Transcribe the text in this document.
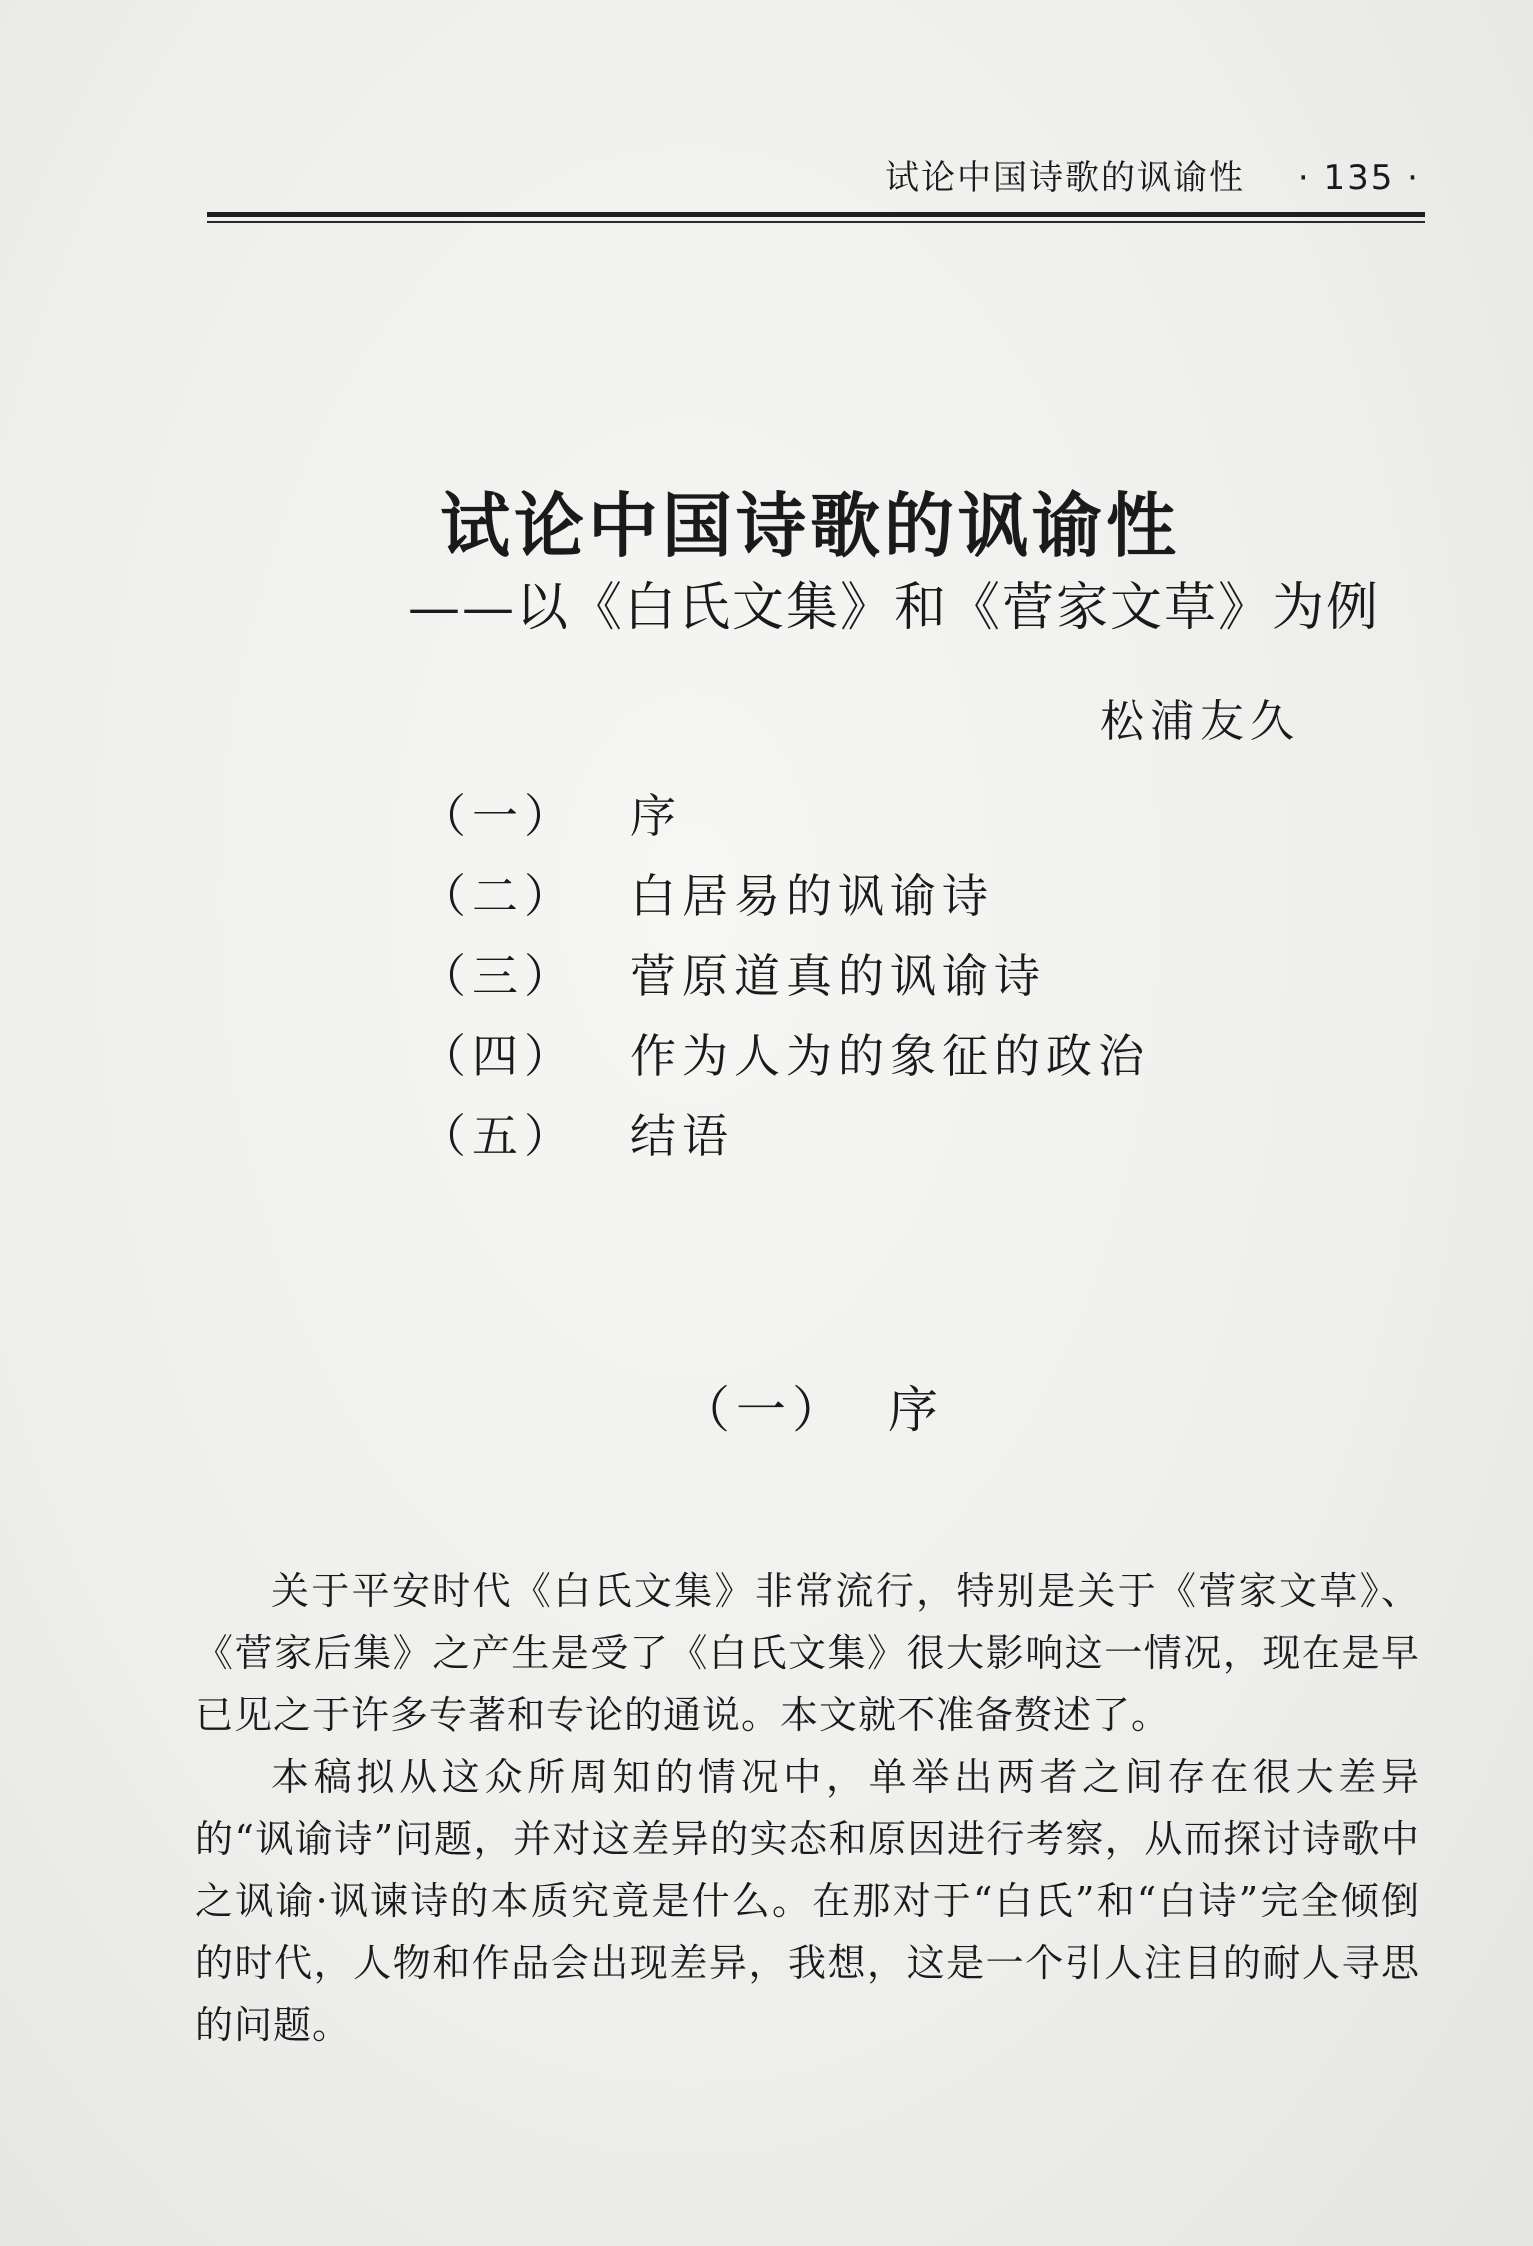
试论中国诗歌的讽谕性 · 135 ·
试论中国诗歌的讽谕性
——以《白氏文集》和《菅家文草》为例
松浦友久
（一） 序
（二） 白居易的讽谕诗
（三） 菅原道真的讽谕诗
（四） 作为人为的象征的政治
（五） 结语
（一） 序

关于平安时代《白氏文集》非常流行，特别是关于《菅家文草》、《菅家后集》之产生是受了《白氏文集》很大影响这一情况，现在是早已见之于许多专著和专论的通说。本文就不准备赘述了。

本稿拟从这众所周知的情况中，单举出两者之间存在很大差异的“讽谕诗”问题，并对这差异的实态和原因进行考察，从而探讨诗歌中之讽谕·讽谏诗的本质究竟是什么。在那对于“白氏”和“白诗”完全倾倒的时代，人物和作品会出现差异，我想，这是一个引人注目的耐人寻思的问题。
